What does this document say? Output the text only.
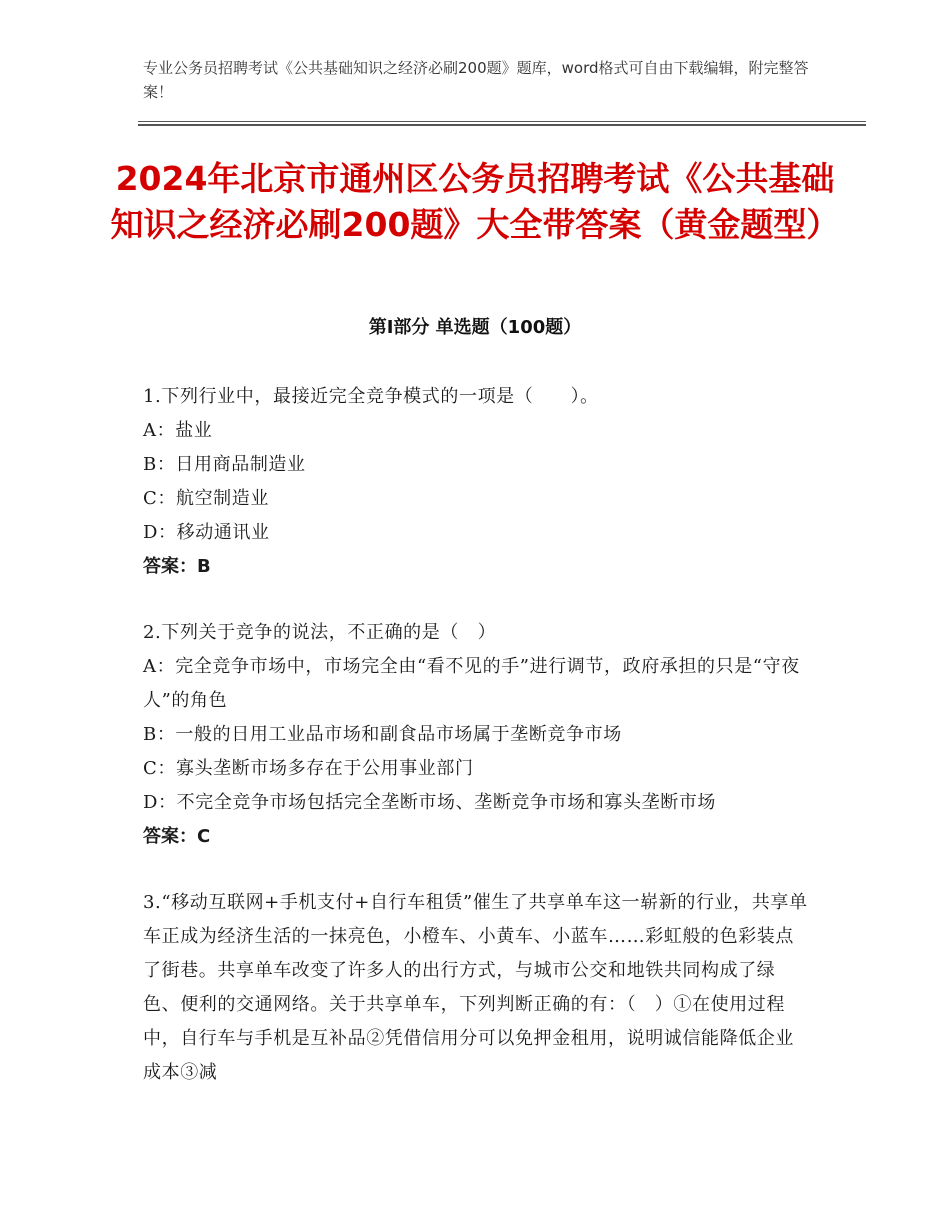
专业公务员招聘考试《公共基础知识之经济必刷200题》题库，word格式可自由下载编辑，附完整答案！
2024年北京市通州区公务员招聘考试《公共基础知识之经济必刷200题》大全带答案（黄金题型）
第Ⅰ部分 单选题（100题）
1.下列行业中，最接近完全竞争模式的一项是（　　）。
A：盐业
B：日用商品制造业
C：航空制造业
D：移动通讯业
答案：B
2.下列关于竞争的说法，不正确的是（　）
A：完全竞争市场中，市场完全由“看不见的手”进行调节，政府承担的只是“守夜人”的角色
B：一般的日用工业品市场和副食品市场属于垄断竞争市场
C：寡头垄断市场多存在于公用事业部门
D：不完全竞争市场包括完全垄断市场、垄断竞争市场和寡头垄断市场
答案：C
3.“移动互联网+手机支付+自行车租赁”催生了共享单车这一崭新的行业，共享单车正成为经济生活的一抹亮色，小橙车、小黄车、小蓝车……彩虹般的色彩装点了街巷。共享单车改变了许多人的出行方式，与城市公交和地铁共同构成了绿色、便利的交通网络。关于共享单车，下列判断正确的有：（　）①在使用过程中，自行车与手机是互补品②凭借信用分可以免押金租用，说明诚信能降低企业成本③减
